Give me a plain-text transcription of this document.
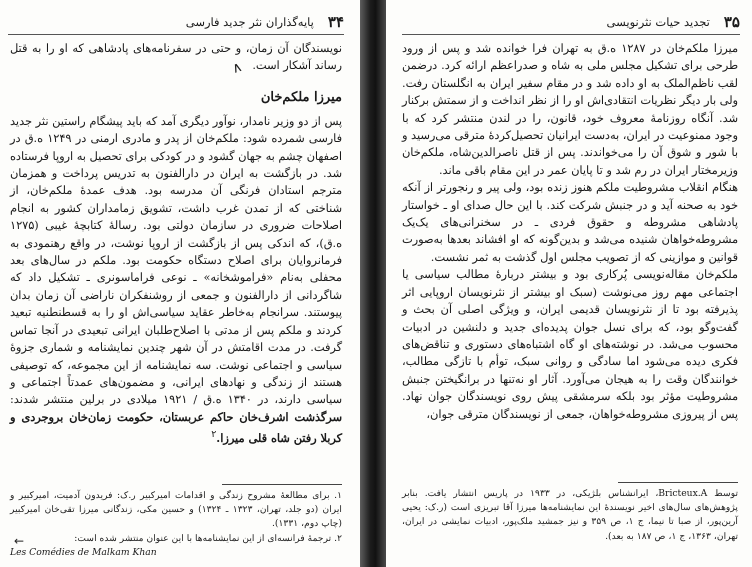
۳۴
پایه‌گذاران نثر جدید فارسی

نویسندگان آن زمان، و حتی در سفرنامه‌های پادشاهی که او را به قتل رساند آشکار است.

میرزا ملکم‌خان

پس از دو وزیر نامدار، نوآور دیگری آمد که باید پیشگام راستین نثر جدید فارسی شمرده شود: ملکم‌خان از پدر و مادری ارمنی در ۱۲۴۹ ه.ق در اصفهان چشم به جهان گشود و در کودکی برای تحصیل به اروپا فرستاده شد. در بازگشت به ایران در دارالفنون به تدریس پرداخت و همزمان مترجم استادان فرنگی آن مدرسه بود. هدف عمدهٔ ملکم‌خان، از شناختی که از تمدن غرب داشت، تشویق زمامداران کشور به انجام اصلاحات ضروری در سازمان دولتی بود. رسالهٔ کتابچهٔ غیبی (۱۲۷۵ ه.ق)، که اندکی پس از بازگشت از اروپا نوشت، در واقع رهنمودی به فرمانروایان برای اصلاح دستگاه حکومت بود. ملکم در سال‌های بعد محفلی به‌نام «فراموشخانه» ـ نوعی فراماسونری ـ تشکیل داد که شاگردانی از دارالفنون و جمعی از روشنفکران ناراضی آن زمان بدان پیوستند. سرانجام به‌خاطر عقاید سیاسی‌اش او را به قسطنطنیه تبعید کردند و ملکم پس از مدتی با اصلاح‌طلبان ایرانی تبعیدی در آنجا تماس گرفت. در مدت اقامتش در آن شهر چندین نمایشنامه و شماری جزوهٔ سیاسی و اجتماعی نوشت. سه نمایشنامه از این مجموعه، که توصیفی هستند از زندگی و نهادهای ایرانی، و مضمون‌های عمدتاً اجتماعی و سیاسی دارند، در ۱۳۴۰ ه.ق / ۱۹۲۱ میلادی در برلین منتشر شدند: سرگذشت اشرف‌خان حاکم عربستان، حکومت زمان‌خان بروجردی و کربلا رفتن شاه قلی میرزا.$^۲$

۱. برای مطالعهٔ مشروح زندگی و اقدامات امیرکبیر ر.ک: فریدون آدمیت، امیرکبیر و ایران (دو جلد، تهران، ۱۳۲۳ ـ ۱۳۲۴) و حسین مکی، زندگانی میرزا تقی‌خان امیرکبیر (چاپ دوم، ۱۳۳۱).

۲. ترجمهٔ فرانسه‌ای از این نمایشنامه‌ها با این عنوان منتشر شده است:

Les Comédies de Malkam Khan

∧
←
۳۵
تجدید حیات نثرنویسی

میرزا ملکم‌خان در ۱۲۸۷ ه.ق به تهران فرا خوانده شد و پس از ورود طرحی برای تشکیل مجلس ملی به شاه و صدراعظم ارائه کرد. درضمن لقب ناظم‌الملک به او داده شد و در مقام سفیر ایران به انگلستان رفت. ولی بار دیگر نظریات انتقادی‌اش او را از نظر انداخت و از سمتش برکنار شد. آنگاه روزنامهٔ معروف خود، قانون، را در لندن منتشر کرد که با وجود ممنوعیت در ایران، به‌دست ایرانیان تحصیل‌کردهٔ مترقی می‌رسید و با شور و شوق آن را می‌خواندند. پس از قتل ناصرالدین‌شاه، ملکم‌خان وزیرمختار ایران در رم شد و تا پایان عمر در این مقام باقی ماند.

هنگام انقلاب مشروطیت ملکم هنوز زنده بود، ولی پیر و رنجورتر از آنکه خود به صحنه آید و در جنبش شرکت کند. با این حال صدای او ـ خواستار پادشاهی مشروطه و حقوق فردی ـ در سخنرانی‌های یک‌یک مشروطه‌خواهان شنیده می‌شد و بدین‌گونه که او افشاند بعدها به‌صورت قوانین و موازینی که از تصویب مجلس اول گذشت به ثمر نشست.

ملکم‌خان مقاله‌نویسی پُرکاری بود و بیشتر دربارهٔ مطالب سیاسی یا اجتماعی مهم روز می‌نوشت (سبک او بیشتر از نثرنویسان اروپایی اثر پذیرفته بود تا از نثرنویسان قدیمی ایران، و ویژگی اصلی آن بحث و گفت‌وگو بود، که برای نسل جوان پدیده‌ای جدید و دلنشین در ادبیات محسوب می‌شد. در نوشته‌های او گاه اشتباه‌های دستوری و تناقض‌های فکری دیده می‌شود اما سادگی و روانی سبک، توأم با تازگی مطالب، خوانندگان وقت را به هیجان می‌آورد. آثار او نه‌تنها در برانگیختن جنبش مشروطیت مؤثر بود بلکه سرمشقی پیش روی نویسندگان جوان نهاد. پس از پیروزی مشروطه‌خواهان، جمعی از نویسندگان مترقی جوان،

توسط Bricteux.A، ایرانشناس بلژیکی، در ۱۹۳۳ در پاریس انتشار یافت. بنابر پژوهش‌های سال‌های اخیر نویسندهٔ این نمایشنامه‌ها میرزا آقا تبریزی است (ر.ک: یحیی آرین‌پور، از صبا تا نیما، ج ۱، ص ۳۵۹ و نیز جمشید ملک‌پور، ادبیات نمایشی در ایران، تهران، ۱۳۶۳، ج ۱، ص ۱۸۷ به بعد).
